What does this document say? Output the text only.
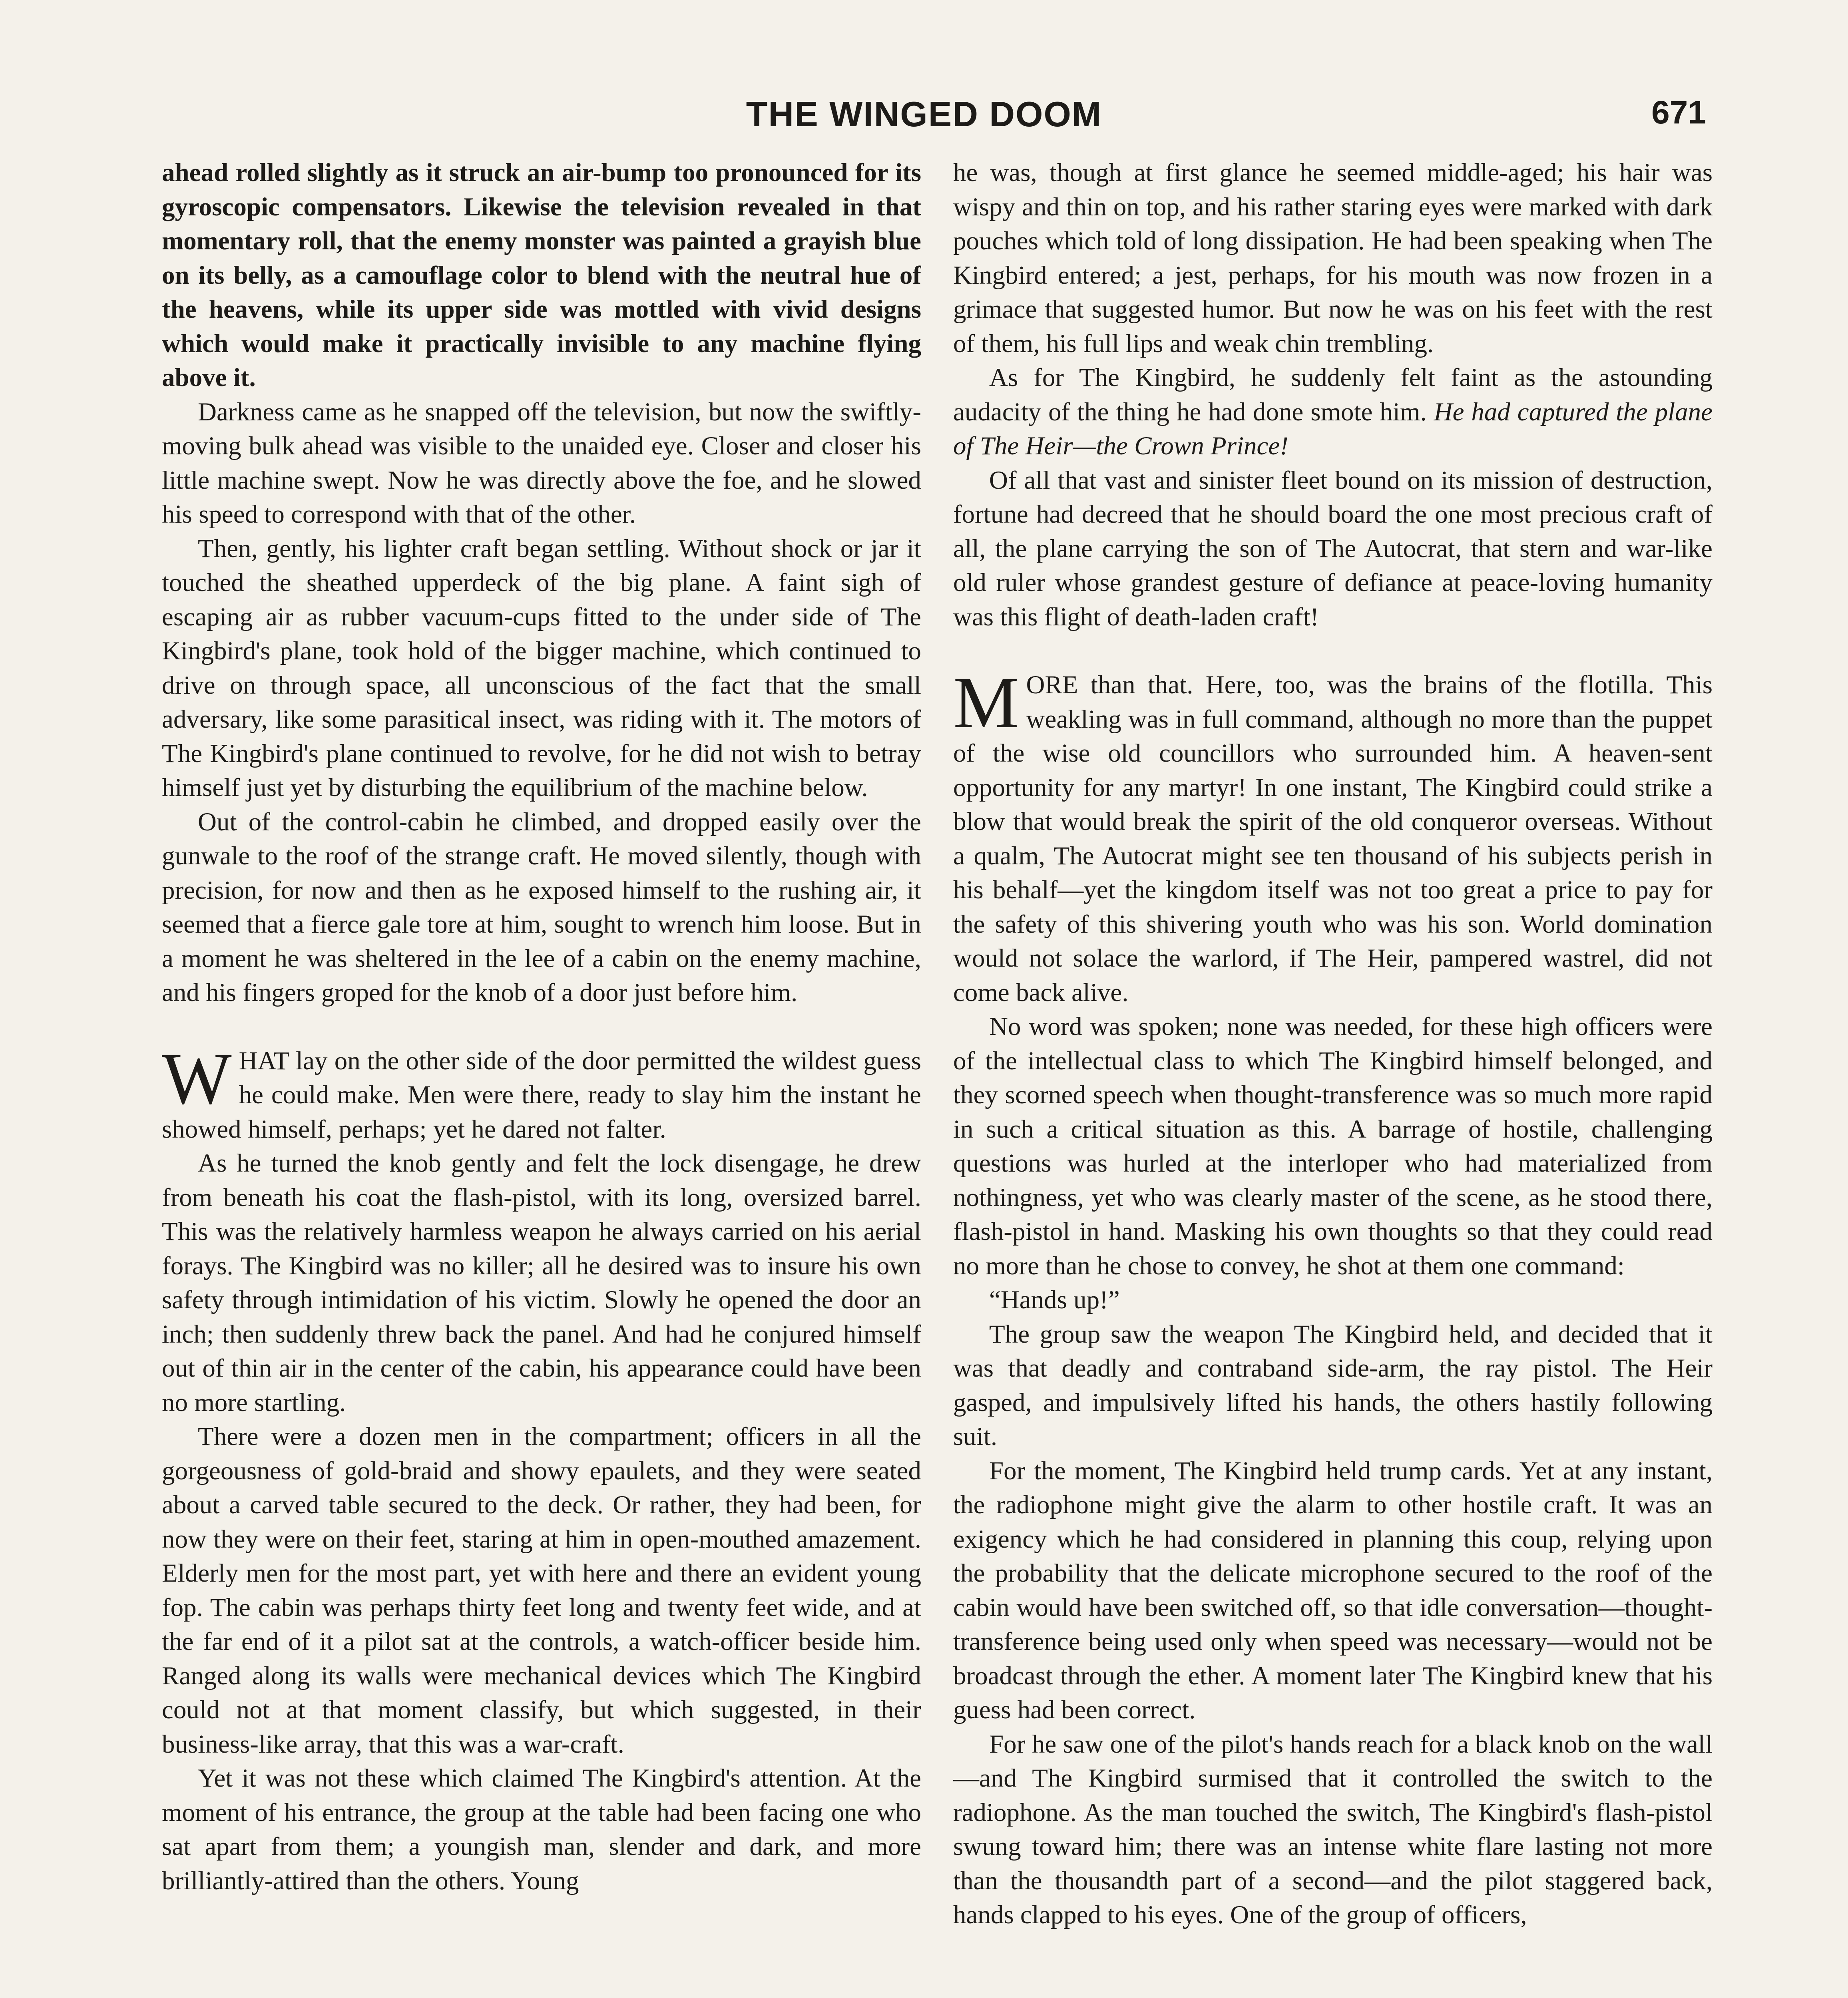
THE WINGED DOOM	671

ahead rolled slightly as it struck an air-bump too pronounced for its gyroscopic compensators. Likewise the television revealed in that momentary roll, that the enemy monster was painted a grayish blue on its belly, as a camouflage color to blend with the neutral hue of the heavens, while its upper side was mottled with vivid designs which would make it practically invisible to any machine flying above it.

Darkness came as he snapped off the television, but now the swiftly-moving bulk ahead was visible to the unaided eye. Closer and closer his little machine swept. Now he was directly above the foe, and he slowed his speed to correspond with that of the other.

Then, gently, his lighter craft began settling. Without shock or jar it touched the sheathed upperdeck of the big plane. A faint sigh of escaping air as rubber vacuum-cups fitted to the under side of The Kingbird's plane, took hold of the bigger machine, which continued to drive on through space, all unconscious of the fact that the small adversary, like some parasitical insect, was riding with it. The motors of The Kingbird's plane continued to revolve, for he did not wish to betray himself just yet by disturbing the equilibrium of the machine below.

Out of the control-cabin he climbed, and dropped easily over the gunwale to the roof of the strange craft. He moved silently, though with precision, for now and then as he exposed himself to the rushing air, it seemed that a fierce gale tore at him, sought to wrench him loose. But in a moment he was sheltered in the lee of a cabin on the enemy machine, and his fingers groped for the knob of a door just before him.

WHAT lay on the other side of the door permitted the wildest guess he could make. Men were there, ready to slay him the instant he showed himself, perhaps; yet he dared not falter.

As he turned the knob gently and felt the lock disengage, he drew from beneath his coat the flash-pistol, with its long, oversized barrel. This was the relatively harmless weapon he always carried on his aerial forays. The Kingbird was no killer; all he desired was to insure his own safety through intimidation of his victim. Slowly he opened the door an inch; then suddenly threw back the panel. And had he conjured himself out of thin air in the center of the cabin, his appearance could have been no more startling.

There were a dozen men in the compartment; officers in all the gorgeousness of gold-braid and showy epaulets, and they were seated about a carved table secured to the deck. Or rather, they had been, for now they were on their feet, staring at him in open-mouthed amazement. Elderly men for the most part, yet with here and there an evident young fop. The cabin was perhaps thirty feet long and twenty feet wide, and at the far end of it a pilot sat at the controls, a watch-officer beside him. Ranged along its walls were mechanical devices which The Kingbird could not at that moment classify, but which suggested, in their business-like array, that this was a war-craft.

Yet it was not these which claimed The Kingbird's attention. At the moment of his entrance, the group at the table had been facing one who sat apart from them; a youngish man, slender and dark, and more brilliantly-attired than the others. Young

he was, though at first glance he seemed middle-aged; his hair was wispy and thin on top, and his rather staring eyes were marked with dark pouches which told of long dissipation. He had been speaking when The Kingbird entered; a jest, perhaps, for his mouth was now frozen in a grimace that suggested humor. But now he was on his feet with the rest of them, his full lips and weak chin trembling.

As for The Kingbird, he suddenly felt faint as the astounding audacity of the thing he had done smote him. He had captured the plane of The Heir—the Crown Prince!

Of all that vast and sinister fleet bound on its mission of destruction, fortune had decreed that he should board the one most precious craft of all, the plane carrying the son of The Autocrat, that stern and war-like old ruler whose grandest gesture of defiance at peace-loving humanity was this flight of death-laden craft!

MORE than that. Here, too, was the brains of the flotilla. This weakling was in full command, although no more than the puppet of the wise old councillors who surrounded him. A heaven-sent opportunity for any martyr! In one instant, The Kingbird could strike a blow that would break the spirit of the old conqueror overseas. Without a qualm, The Autocrat might see ten thousand of his subjects perish in his behalf—yet the kingdom itself was not too great a price to pay for the safety of this shivering youth who was his son. World domination would not solace the warlord, if The Heir, pampered wastrel, did not come back alive.

No word was spoken; none was needed, for these high officers were of the intellectual class to which The Kingbird himself belonged, and they scorned speech when thought-transference was so much more rapid in such a critical situation as this. A barrage of hostile, challenging questions was hurled at the interloper who had materialized from nothingness, yet who was clearly master of the scene, as he stood there, flash-pistol in hand. Masking his own thoughts so that they could read no more than he chose to convey, he shot at them one command:

“Hands up!”

The group saw the weapon The Kingbird held, and decided that it was that deadly and contraband side-arm, the ray pistol. The Heir gasped, and impulsively lifted his hands, the others hastily following suit.

For the moment, The Kingbird held trump cards. Yet at any instant, the radiophone might give the alarm to other hostile craft. It was an exigency which he had considered in planning this coup, relying upon the probability that the delicate microphone secured to the roof of the cabin would have been switched off, so that idle conversation—thought-transference being used only when speed was necessary—would not be broadcast through the ether. A moment later The Kingbird knew that his guess had been correct.

For he saw one of the pilot's hands reach for a black knob on the wall—and The Kingbird surmised that it controlled the switch to the radiophone. As the man touched the switch, The Kingbird's flash-pistol swung toward him; there was an intense white flare lasting not more than the thousandth part of a second—and the pilot staggered back, hands clapped to his eyes. One of the group of officers,
